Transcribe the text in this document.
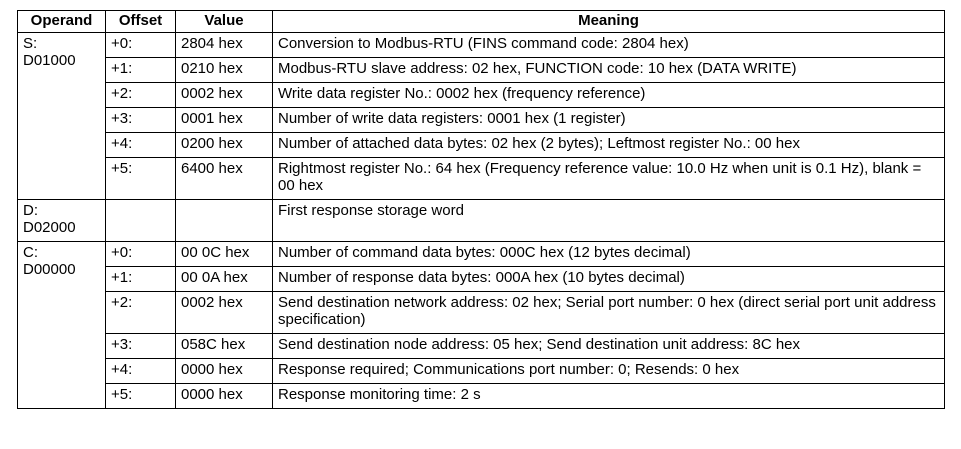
Operand	Offset	Value	Meaning
S:
D01000	+0:	2804 hex	Conversion to Modbus-RTU (FINS command code: 2804 hex)
	+1:	0210 hex	Modbus-RTU slave address: 02 hex, FUNCTION code: 10 hex (DATA WRITE)
	+2:	0002 hex	Write data register No.: 0002 hex (frequency reference)
	+3:	0001 hex	Number of write data registers: 0001 hex (1 register)
	+4:	0200 hex	Number of attached data bytes: 02 hex (2 bytes); Leftmost register No.: 00 hex
	+5:	6400 hex	Rightmost register No.: 64 hex (Frequency reference value: 10.0 Hz when unit is 0.1 Hz), blank = 00 hex
D:
D02000			First response storage word
C:
D00000	+0:	00 0C hex	Number of command data bytes: 000C hex (12 bytes decimal)
	+1:	00 0A hex	Number of response data bytes: 000A hex (10 bytes decimal)
	+2:	0002 hex	Send destination network address: 02 hex; Serial port number: 0 hex (direct serial port unit address specification)
	+3:	058C hex	Send destination node address: 05 hex; Send destination unit address: 8C hex
	+4:	0000 hex	Response required; Communications port number: 0; Resends: 0 hex
	+5:	0000 hex	Response monitoring time: 2 s
